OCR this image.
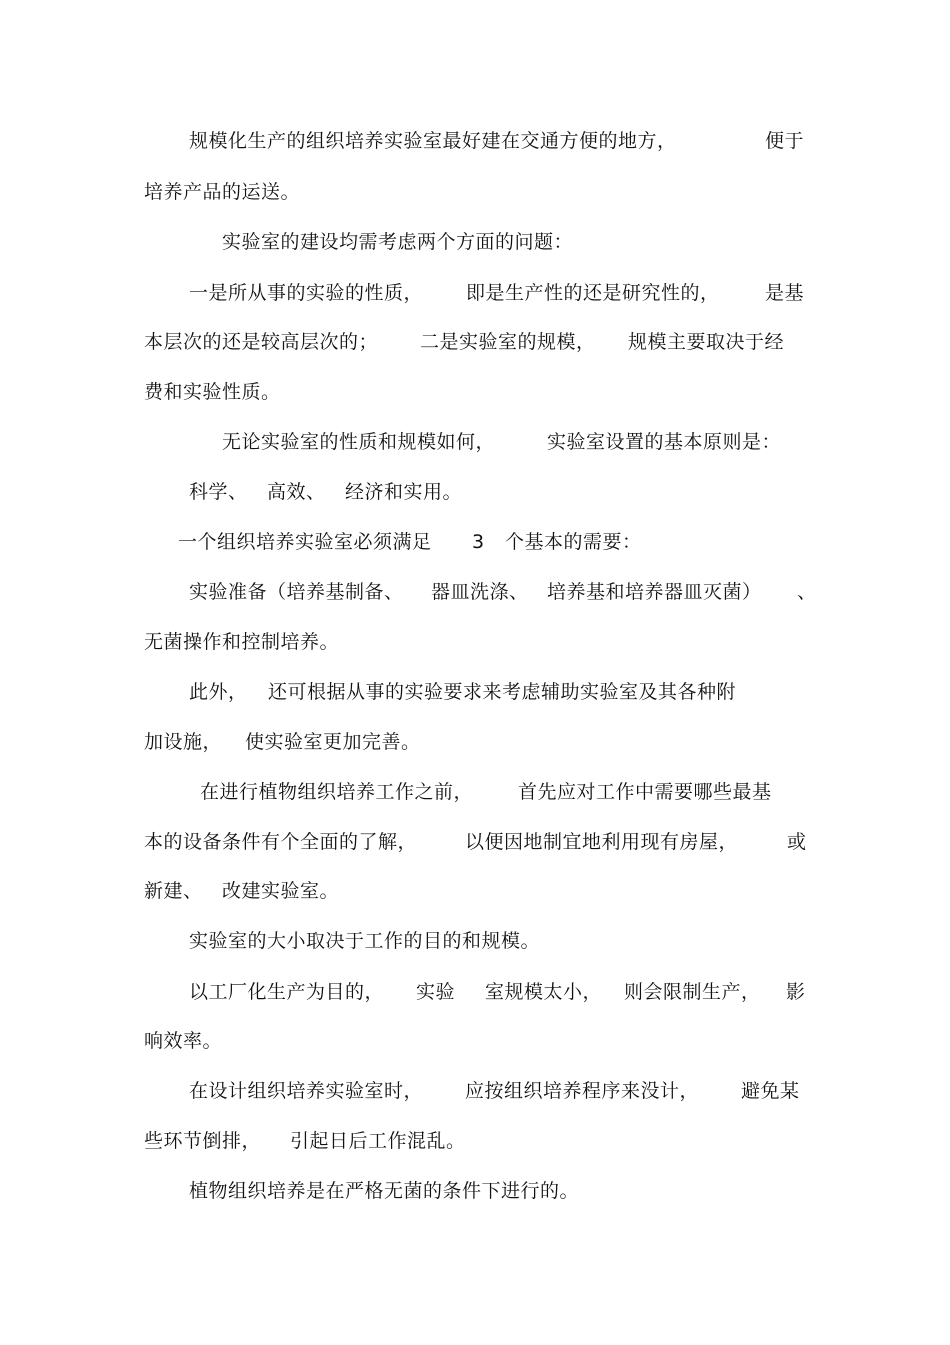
规模化生产的组织培养实验室最好建在交通方便的地方，

	便于

培养产品的运送。

实验室的建设均需考虑两个方面的问题：

一是所从事的实验的性质，

即是生产性的还是研究性的，

是基

本层次的还是较高层次的；

二是实验室的规模，

规模主要取决于经

费和实验性质。

无论实验室的性质和规模如何，

	实验室设置的基本原则是：

科学、

高效、

经济和实用。

一个组织培养实验室必须满足

3

个基本的需要：

实验准备（培养基制备、

器皿洗涤、

培养基和培养器皿灭菌）

、

无菌操作和控制培养。

此外，

还可根据从事的实验要求来考虑辅助实验室及其各种附

加设施，

使实验室更加完善。

在进行植物组织培养工作之前，

首先应对工作中需要哪些最基

本的设备条件有个全面的了解，

	以便因地制宜地利用现有房屋，

	或

新建、

改建实验室。

实验室的大小取决于工作的目的和规模。

以工厂化生产为目的，

实验

室规模太小，

则会限制生产，

影

响效率。

在设计组织培养实验室时，

应按组织培养程序来没计，

避免某

些环节倒排，

引起日后工作混乱。

植物组织培养是在严格无菌的条件下进行的。
